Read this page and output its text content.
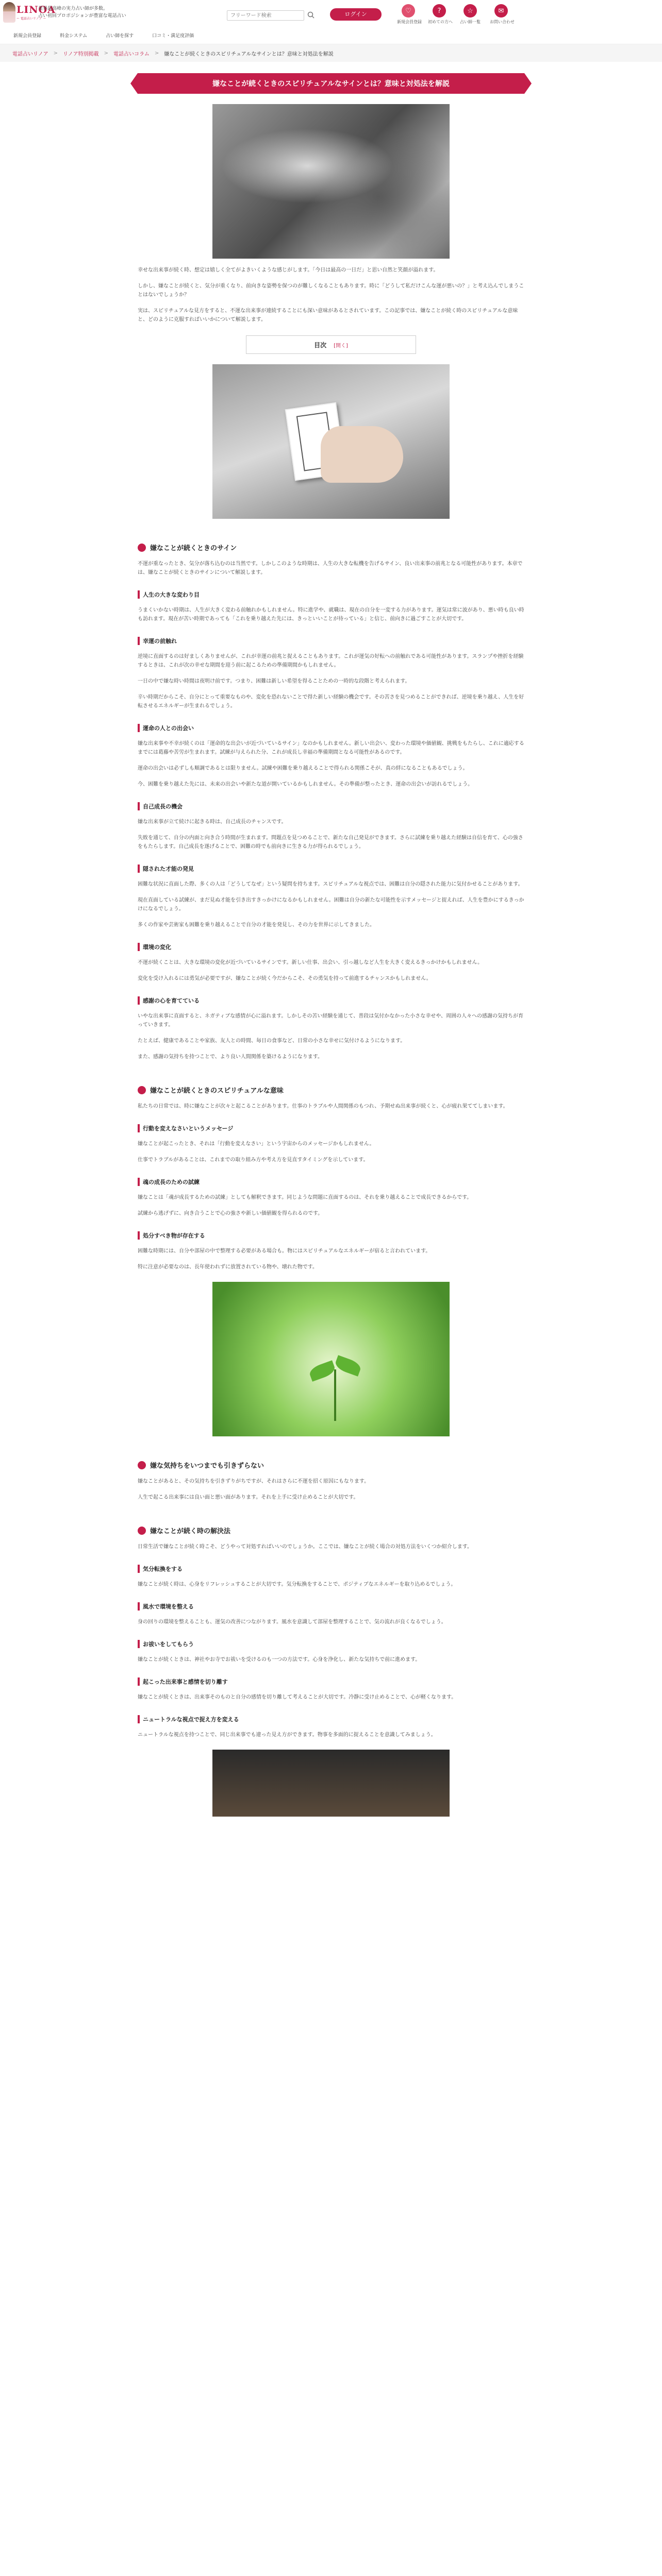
LINOA
ー 電話占いリノア ー
業界最高峰の実力占い師が多数。
占い初回プロポジションが豊富な電話占い
フリーワード検索	ログイン	♡
新規会員登録
?
初めての方へ
☆
占い師一覧
✉
お問い合わせ
新規会員登録	料金システム	占い師を探す	口コミ・満足度評価
電話占いリノア > リノア特別掲載 > 電話占いコラム > 嫌なことが続くときのスピリチュアルなサインとは？意味と対処法を解説
嫌なことが続くときのスピリチュアルなサインとは？意味と対処法を解説

幸せな出来事が続く時、想定は嬉しく全てがよきいくような感じがします。「今日は最高の一日だ」と思い自然と笑顔が溢れます。

しかし、嫌なことが続くと、気分が重くなり、前向きな姿勢を保つのが難しくなることもあります。時に「どうして私だけこんな運が悪いの？」と考え込んでしまうことはないでしょうか？

実は、スピリチュアルな見方をすると、不運な出来事が連続することにも深い意味があるとされています。この記事では、嫌なことが続く時のスピリチュアルな意味と、どのように克服すればいいかについて解説します。

目次 [開く]
嫌なことが続くときのサイン

不運が重なったとき、気分が落ち込むのは当然です。しかしこのような時期は、人生の大きな転機を告げるサイン、良い出来事の前兆となる可能性があります。本章では、嫌なことが続くときのサインについて解説します。

人生の大きな変わり目

うまくいかない時期は、人生が大きく変わる前触れかもしれません。特に進学や、就職は、現在の自分を一変する力があります。運気は常に波があり、悪い時も良い時も訪れます。現在が苦い時期であっても「これを乗り越えた先には、きっといいことが待っている」と信じ、前向きに過ごすことが大切です。

幸運の前触れ

逆境に直面するのは好ましくありませんが、これが幸運の前兆と捉えることもあります。これが運気の好転への前触れである可能性があります。スランプや挫折を経験するときは、これが次の幸せな期間を迎う前に起こるための準備期間かもしれません。

一日の中で嫌な時い時間は夜明け前です。つまり、困難は新しい希望を得ることための一時的な段階と考えられます。

辛い時期だからこそ、自分にとって重要なものや、変化を恐れないことで得た新しい経験の機会です。その苦さを見つめることができれば、逆境を乗り越え、人生を好転させるエネルギーが生まれるでしょう。

運命の人との出会い

嫌な出来事や不幸が続くのは「運命的な出会いが近づいているサイン」なのかもしれません。新しい出会い、変わった環境や価値観、挑戦をもたらし、これに適応するまでには葛藤や苦労が生まれます。試練が与えられた分、これが成長し幸福の準備期間となる可能性があるのです。

運命の出会いは必ずしも順調であるとは限りません。試練や困難を乗り越えることで得られる関係こそが、真の絆になることもあるでしょう。

今、困難を乗り越えた先には、未来の出会いや新たな道が開いているかもしれません。その準備が整ったとき、運命の出会いが訪れるでしょう。

自己成長の機会

嫌な出来事が立て続けに起きる時は、自己成長のチャンスです。

失敗を通じて、自分の内面と向き合う時間が生まれます。問題点を見つめることで、新たな自己発見ができます。さらに試練を乗り越えた経験は自信を育て、心の強さをもたらします。自己成長を遂げることで、困難の時でも前向きに生きる力が得られるでしょう。

隠された才能の発見

困難な状況に直面した際、多くの人は「どうしてなぜ」という疑問を持ちます。スピリチュアルな視点では、困難は自分の隠された能力に気付かせることがあります。

現在直面している試練が、まだ見ぬ才能を引き出すきっかけになるかもしれません。困難は自分の新たな可能性を示すメッセージと捉えれば、人生を豊かにするきっかけになるでしょう。

多くの作家や芸術家も困難を乗り越えることで自分の才能を発見し、その力を世界に示してきました。

環境の変化

不運が続くことは、大きな環境の変化が近づいているサインです。新しい仕事、出会い、引っ越しなど人生を大きく変えるきっかけかもしれません。

変化を受け入れるには勇気が必要ですが、嫌なことが続く今だからこそ、その勇気を持って前進するチャンスかもしれません。

感謝の心を育てている

いやな出来事に直面すると、ネガティブな感情が心に溢れます。しかしその苦い経験を通じて、普段は気付かなかった小さな幸せや、周囲の人々への感謝の気持ちが育っていきます。

たとえば、健康であることや家族、友人との時間、毎日の食事など、日常の小さな幸せに気付けるようになります。

また、感謝の気持ちを持つことで、より良い人間関係を築けるようになります。

嫌なことが続くときのスピリチュアルな意味

私たちの日常では、時に嫌なことが次々と起こることがあります。仕事のトラブルや人間関係のもつれ、予期せぬ出来事が続くと、心が疲れ果ててしまいます。

行動を変えなさいというメッセージ

嫌なことが起こったとき、それは「行動を変えなさい」という宇宙からのメッセージかもしれません。

仕事でトラブルがあることは、これまでの取り組み方や考え方を見直すタイミングを示しています。

魂の成長のための試練

嫌なことは「魂が成長するための試練」としても解釈できます。同じような問題に直面するのは、それを乗り越えることで成長できるからです。

試練から逃げずに、向き合うことで心の強さや新しい価値観を得られるのです。

処分すべき物が存在する

困難な時期には、自分や部屋の中で整理する必要がある場合も。物にはスピリチュアルなエネルギーが宿ると言われています。

特に注意が必要なのは、長年使われずに放置されている物や、壊れた物です。

嫌な気持ちをいつまでも引きずらない

嫌なことがあると、その気持ちを引きずりがちですが、それはさらに不運を招く原因にもなります。

人生で起こる出来事には良い面と悪い面があります。それを上手に受け止めることが大切です。

嫌なことが続く時の解決法

日常生活で嫌なことが続く時こそ、どうやって対処すればいいのでしょうか。ここでは、嫌なことが続く場合の対処方法をいくつか紹介します。

気分転換をする

嫌なことが続く時は、心身をリフレッシュすることが大切です。気分転換をすることで、ポジティブなエネルギーを取り込めるでしょう。

風水で環境を整える

身の回りの環境を整えることも、運気の改善につながります。風水を意識して部屋を整理することで、気の流れが良くなるでしょう。

お祓いをしてもらう

嫌なことが続くときは、神社やお寺でお祓いを受けるのも一つの方法です。心身を浄化し、新たな気持ちで前に進めます。

起こった出来事と感情を切り離す

嫌なことが続くときは、出来事そのものと自分の感情を切り離して考えることが大切です。冷静に受け止めることで、心が軽くなります。

ニュートラルな視点で捉え方を変える

ニュートラルな視点を持つことで、同じ出来事でも違った見え方ができます。物事を多面的に捉えることを意識してみましょう。
